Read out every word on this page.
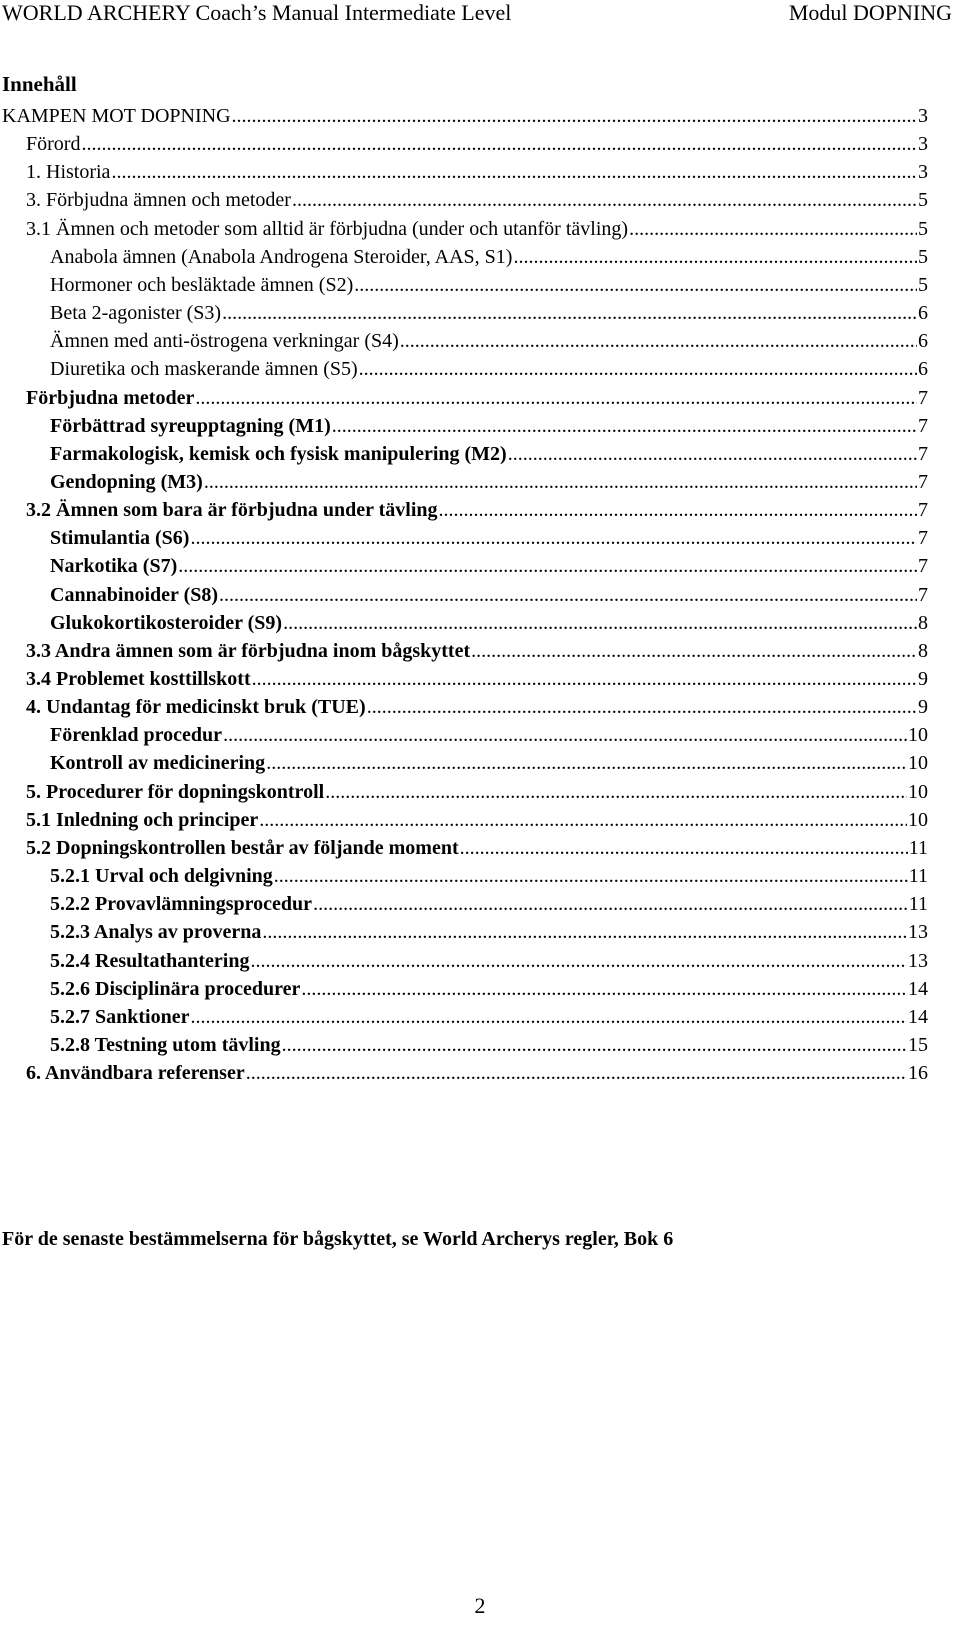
WORLD ARCHERY Coach’s Manual Intermediate Level	Modul DOPNING
Innehåll
KAMPEN MOT DOPNING .....	3
Förord .....	3
1. Historia .....	3
3. Förbjudna ämnen och metoder .....	5
3.1 Ämnen och metoder som alltid är förbjudna (under och utanför tävling) .....	5
Anabola ämnen (Anabola Androgena Steroider, AAS, S1) .....	5
Hormoner och besläktade ämnen (S2) .....	5
Beta 2-agonister (S3) .....	6
Ämnen med anti-östrogena verkningar (S4) .....	6
Diuretika och maskerande ämnen (S5) .....	6
Förbjudna metoder .....	7
Förbättrad syreupptagning (M1) .....	7
Farmakologisk, kemisk och fysisk manipulering (M2) .....	7
Gendopning (M3) .....	7
3.2 Ämnen som bara är förbjudna under tävling .....	7
Stimulantia (S6) .....	7
Narkotika (S7) .....	7
Cannabinoider (S8) .....	7
Glukokortikosteroider (S9) .....	8
3.3 Andra ämnen som är förbjudna inom bågskyttet .....	8
3.4 Problemet kosttillskott .....	9
4. Undantag för medicinskt bruk (TUE) .....	9
Förenklad procedur .....	10
Kontroll av medicinering .....	10
5. Procedurer för dopningskontroll .....	10
5.1 Inledning och principer .....	10
5.2 Dopningskontrollen består av följande moment .....	11
5.2.1 Urval och delgivning .....	11
5.2.2 Provavlämningsprocedur .....	11
5.2.3 Analys av proverna .....	13
5.2.4 Resultathantering .....	13
5.2.6 Disciplinära procedurer .....	14
5.2.7 Sanktioner .....	14
5.2.8 Testning utom tävling .....	15
6. Användbara referenser .....	16
För de senaste bestämmelserna för bågskyttet, se World Archerys regler, Bok 6
2
